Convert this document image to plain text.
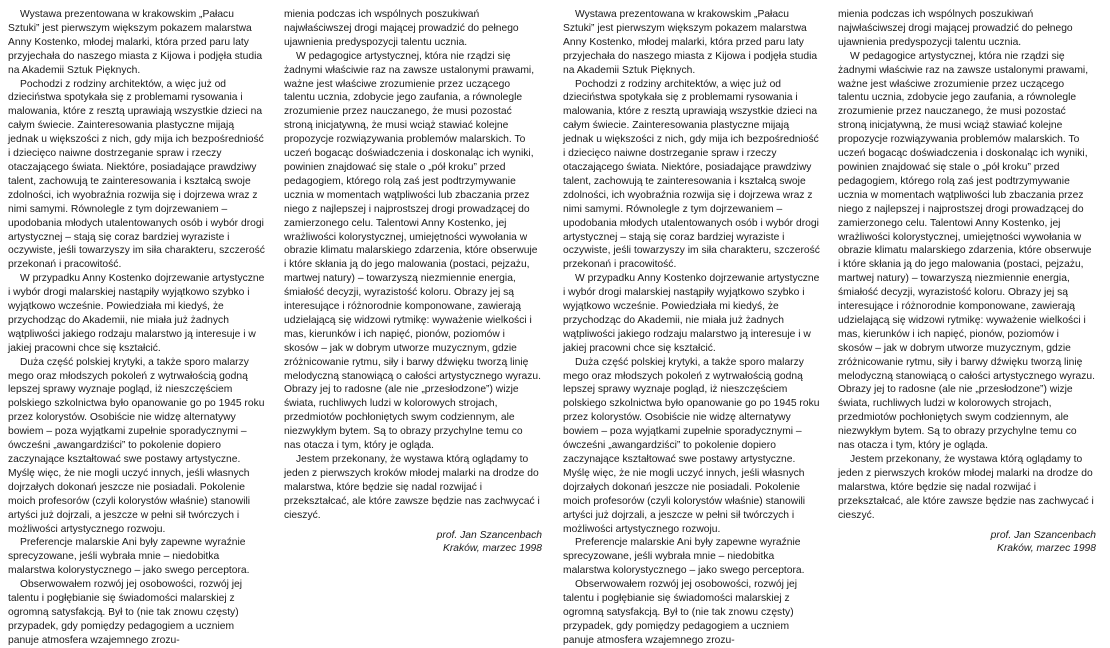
Wystawa prezentowana w krakowskim „Pałacu Sztuki” jest pierwszym większym pokazem malarstwa Anny Kostenko, młodej malarki, która przed paru laty przyjechała do naszego miasta z Kijowa i podjęła studia na Akademii Sztuk Pięknych.

Pochodzi z rodziny architektów, a więc już od dzieciństwa spotykała się z problemami rysowania i malowania, które z resztą uprawiają wszystkie dzieci na całym świecie. Zainteresowania plastyczne mijają jednak u większości z nich, gdy mija ich bezpośredniość i dziecięco naiwne dostrzeganie spraw i rzeczy otaczającego świata. Niektóre, posiadające prawdziwy talent, zachowują te zainteresowania i kształcą swoje zdolności, ich wyobraźnia rozwija się i dojrzewa wraz z nimi samymi. Równolegle z tym dojrzewaniem – upodobania młodych utalentowanych osób i wybór drogi artystycznej – stają się coraz bardziej wyraziste i oczywiste, jeśli towarzyszy im siła charakteru, szczerość przekonań i pracowitość.

W przypadku Anny Kostenko dojrzewanie artystyczne i wybór drogi malarskiej nastąpiły wyjątkowo szybko i wyjątkowo wcześnie. Powiedziała mi kiedyś, że przychodząc do Akademii, nie miała już żadnych wątpliwości jakiego rodzaju malarstwo ją interesuje i w jakiej pracowni chce się kształcić.

Duża część polskiej krytyki, a także sporo malarzy mego oraz młodszych pokoleń z wytrwałością godną lepszej sprawy wyznaje pogląd, iż nieszczęściem polskiego szkolnictwa było opanowanie go po 1945 roku przez kolorystów. Osobiście nie widzę alternatywy bowiem – poza wyjątkami zupełnie sporadycznymi – ówcześni „awangardziści” to pokolenie dopiero zaczynające kształtować swe postawy artystyczne. Myślę więc, że nie mogli uczyć innych, jeśli własnych dojrzałych dokonań jeszcze nie posiadali. Pokolenie moich profesorów (czyli kolorystów właśnie) stanowili artyści już dojrzali, a jeszcze w pełni sił twórczych i możliwości artystycznego rozwoju.

Preferencje malarskie Ani były zapewne wyraźnie sprecyzowane, jeśli wybrała mnie – niedobitka malarstwa kolorystycznego – jako swego perceptora.

Obserwowałem rozwój jej osobowości, rozwój jej talentu i pogłębianie się świadomości malarskiej z ogromną satysfakcją. Był to (nie tak znowu częsty) przypadek, gdy pomiędzy pedagogiem a uczniem panuje atmosfera wzajemnego zrozu-

mienia podczas ich wspólnych poszukiwań najwłaściwszej drogi mającej prowadzić do pełnego ujawnienia predyspozycji talentu ucznia.

W pedagogice artystycznej, która nie rządzi się żadnymi właściwie raz na zawsze ustalonymi prawami, ważne jest właściwe zrozumienie przez uczącego talentu ucznia, zdobycie jego zaufania, a równolegle zrozumienie przez nauczanego, że musi pozostać stroną inicjatywną, że musi wciąż stawiać kolejne propozycje rozwiązywania problemów malarskich. To uczeń bogacąc doświadczenia i doskonaląc ich wyniki, powinien znajdować się stale o „pół kroku” przed pedagogiem, którego rolą zaś jest podtrzymywanie ucznia w momentach wątpliwości lub zbaczania przez niego z najlepszej i najprostszej drogi prowadzącej do zamierzonego celu. Talentowi Anny Kostenko, jej wrażliwości kolorystycznej, umiejętności wywołania w obrazie klimatu malarskiego zdarzenia, które obserwuje i które skłania ją do jego malowania (postaci, pejzażu, martwej natury) – towarzyszą niezmiennie energia, śmiałość decyzji, wyrazistość koloru. Obrazy jej są interesujące i różnorodnie komponowane, zawierają udzielającą się widzowi rytmikę: wyważenie wielkości i mas, kierunków i ich napięć, pionów, poziomów i skosów – jak w dobrym utworze muzycznym, gdzie zróżnicowanie rytmu, siły i barwy dźwięku tworzą linię melodyczną stanowiącą o całości artystycznego wyrazu. Obrazy jej to radosne (ale nie „przesłodzone”) wizje świata, ruchliwych ludzi w kolorowych strojach, przedmiotów pochłoniętych swym codziennym, ale niezwykłym bytem. Są to obrazy przychylne temu co nas otacza i tym, który je ogląda.

Jestem przekonany, że wystawa którą oglądamy to jeden z pierwszych kroków młodej malarki na drodze do malarstwa, które będzie się nadal rozwijać i przekształcać, ale które zawsze będzie nas zachwycać i cieszyć.

prof. Jan Szancenbach
Kraków, marzec 1998

Wystawa prezentowana w krakowskim „Pałacu Sztuki” jest pierwszym większym pokazem malarstwa Anny Kostenko, młodej malarki, która przed paru laty przyjechała do naszego miasta z Kijowa i podjęła studia na Akademii Sztuk Pięknych.

Pochodzi z rodziny architektów, a więc już od dzieciństwa spotykała się z problemami rysowania i malowania, które z resztą uprawiają wszystkie dzieci na całym świecie. Zainteresowania plastyczne mijają jednak u większości z nich, gdy mija ich bezpośredniość i dziecięco naiwne dostrzeganie spraw i rzeczy otaczającego świata. Niektóre, posiadające prawdziwy talent, zachowują te zainteresowania i kształcą swoje zdolności, ich wyobraźnia rozwija się i dojrzewa wraz z nimi samymi. Równolegle z tym dojrzewaniem – upodobania młodych utalentowanych osób i wybór drogi artystycznej – stają się coraz bardziej wyraziste i oczywiste, jeśli towarzyszy im siła charakteru, szczerość przekonań i pracowitość.

W przypadku Anny Kostenko dojrzewanie artystyczne i wybór drogi malarskiej nastąpiły wyjątkowo szybko i wyjątkowo wcześnie. Powiedziała mi kiedyś, że przychodząc do Akademii, nie miała już żadnych wątpliwości jakiego rodzaju malarstwo ją interesuje i w jakiej pracowni chce się kształcić.

Duża część polskiej krytyki, a także sporo malarzy mego oraz młodszych pokoleń z wytrwałością godną lepszej sprawy wyznaje pogląd, iż nieszczęściem polskiego szkolnictwa było opanowanie go po 1945 roku przez kolorystów. Osobiście nie widzę alternatywy bowiem – poza wyjątkami zupełnie sporadycznymi – ówcześni „awangardziści” to pokolenie dopiero zaczynające kształtować swe postawy artystyczne. Myślę więc, że nie mogli uczyć innych, jeśli własnych dojrzałych dokonań jeszcze nie posiadali. Pokolenie moich profesorów (czyli kolorystów właśnie) stanowili artyści już dojrzali, a jeszcze w pełni sił twórczych i możliwości artystycznego rozwoju.

Preferencje malarskie Ani były zapewne wyraźnie sprecyzowane, jeśli wybrała mnie – niedobitka malarstwa kolorystycznego – jako swego perceptora.

Obserwowałem rozwój jej osobowości, rozwój jej talentu i pogłębianie się świadomości malarskiej z ogromną satysfakcją. Był to (nie tak znowu częsty) przypadek, gdy pomiędzy pedagogiem a uczniem panuje atmosfera wzajemnego zrozu-

mienia podczas ich wspólnych poszukiwań najwłaściwszej drogi mającej prowadzić do pełnego ujawnienia predyspozycji talentu ucznia.

W pedagogice artystycznej, która nie rządzi się żadnymi właściwie raz na zawsze ustalonymi prawami, ważne jest właściwe zrozumienie przez uczącego talentu ucznia, zdobycie jego zaufania, a równolegle zrozumienie przez nauczanego, że musi pozostać stroną inicjatywną, że musi wciąż stawiać kolejne propozycje rozwiązywania problemów malarskich. To uczeń bogacąc doświadczenia i doskonaląc ich wyniki, powinien znajdować się stale o „pół kroku” przed pedagogiem, którego rolą zaś jest podtrzymywanie ucznia w momentach wątpliwości lub zbaczania przez niego z najlepszej i najprostszej drogi prowadzącej do zamierzonego celu. Talentowi Anny Kostenko, jej wrażliwości kolorystycznej, umiejętności wywołania w obrazie klimatu malarskiego zdarzenia, które obserwuje i które skłania ją do jego malowania (postaci, pejzażu, martwej natury) – towarzyszą niezmiennie energia, śmiałość decyzji, wyrazistość koloru. Obrazy jej są interesujące i różnorodnie komponowane, zawierają udzielającą się widzowi rytmikę: wyważenie wielkości i mas, kierunków i ich napięć, pionów, poziomów i skosów – jak w dobrym utworze muzycznym, gdzie zróżnicowanie rytmu, siły i barwy dźwięku tworzą linię melodyczną stanowiącą o całości artystycznego wyrazu. Obrazy jej to radosne (ale nie „przesłodzone”) wizje świata, ruchliwych ludzi w kolorowych strojach, przedmiotów pochłoniętych swym codziennym, ale niezwykłym bytem. Są to obrazy przychylne temu co nas otacza i tym, który je ogląda.

Jestem przekonany, że wystawa którą oglądamy to jeden z pierwszych kroków młodej malarki na drodze do malarstwa, które będzie się nadal rozwijać i przekształcać, ale które zawsze będzie nas zachwycać i cieszyć.

prof. Jan Szancenbach
Kraków, marzec 1998
